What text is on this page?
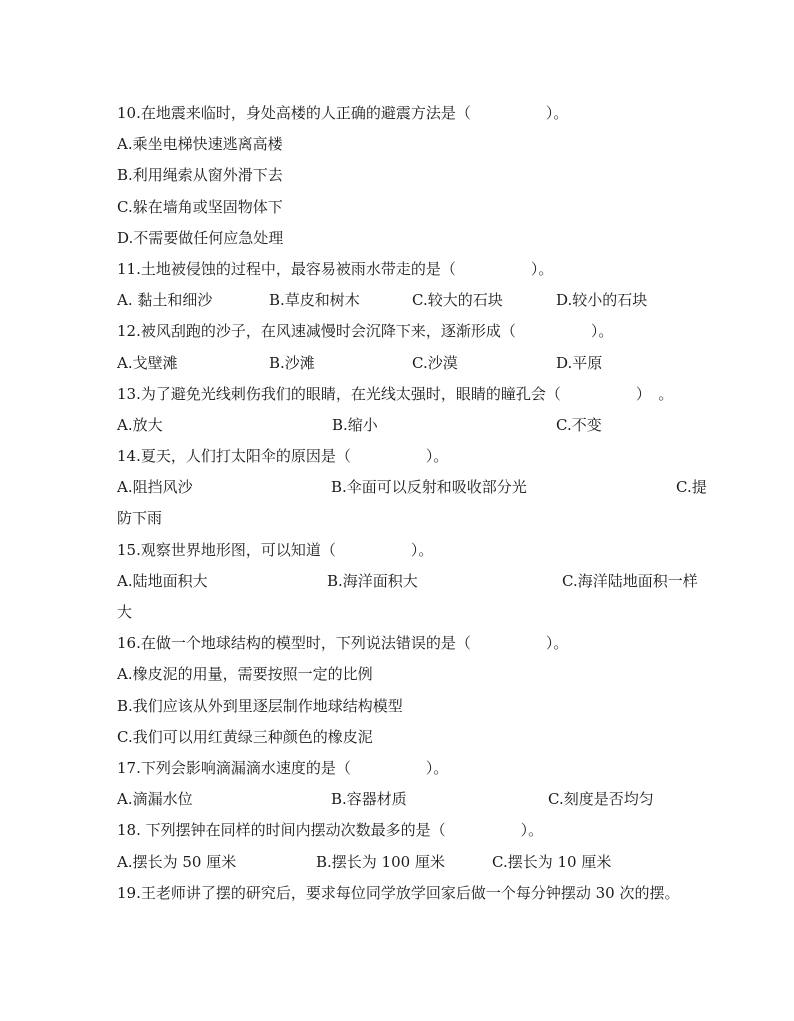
10.在地震来临时，身处高楼的人正确的避震方法是（　　　　　）。
A.乘坐电梯快速逃离高楼
B.利用绳索从窗外滑下去
C.躲在墙角或坚固物体下
D.不需要做任何应急处理
11.土地被侵蚀的过程中，最容易被雨水带走的是（　　　　　）。
A. 黏土和细沙	B.草皮和树木	C.较大的石块	D.较小的石块
12.被风刮跑的沙子，在风速减慢时会沉降下来，逐渐形成（　　　　　）。
A.戈壁滩	B.沙滩	C.沙漠	D.平原
13.为了避免光线刺伤我们的眼睛，在光线太强时，眼睛的瞳孔会（　　　　　）　。
A.放大	B.缩小	C.不变
14.夏天，人们打太阳伞的原因是（　　　　　）。
A.阻挡风沙	B.伞面可以反射和吸收部分光	C.提
防下雨
15.观察世界地形图，可以知道（　　　　　）。
A.陆地面积大	B.海洋面积大	C.海洋陆地面积一样
大
16.在做一个地球结构的模型时，下列说法错误的是（　　　　　）。
A.橡皮泥的用量，需要按照一定的比例
B.我们应该从外到里逐层制作地球结构模型
C.我们可以用红黄绿三种颜色的橡皮泥
17.下列会影响滴漏滴水速度的是（　　　　　）。
A.滴漏水位	B.容器材质	C.刻度是否均匀
18. 下列摆钟在同样的时间内摆动次数最多的是（　　　　　）。
A.摆长为 50 厘米	B.摆长为 100 厘米	C.摆长为 10 厘米
19.王老师讲了摆的研究后，要求每位同学放学回家后做一个每分钟摆动 30 次的摆。
